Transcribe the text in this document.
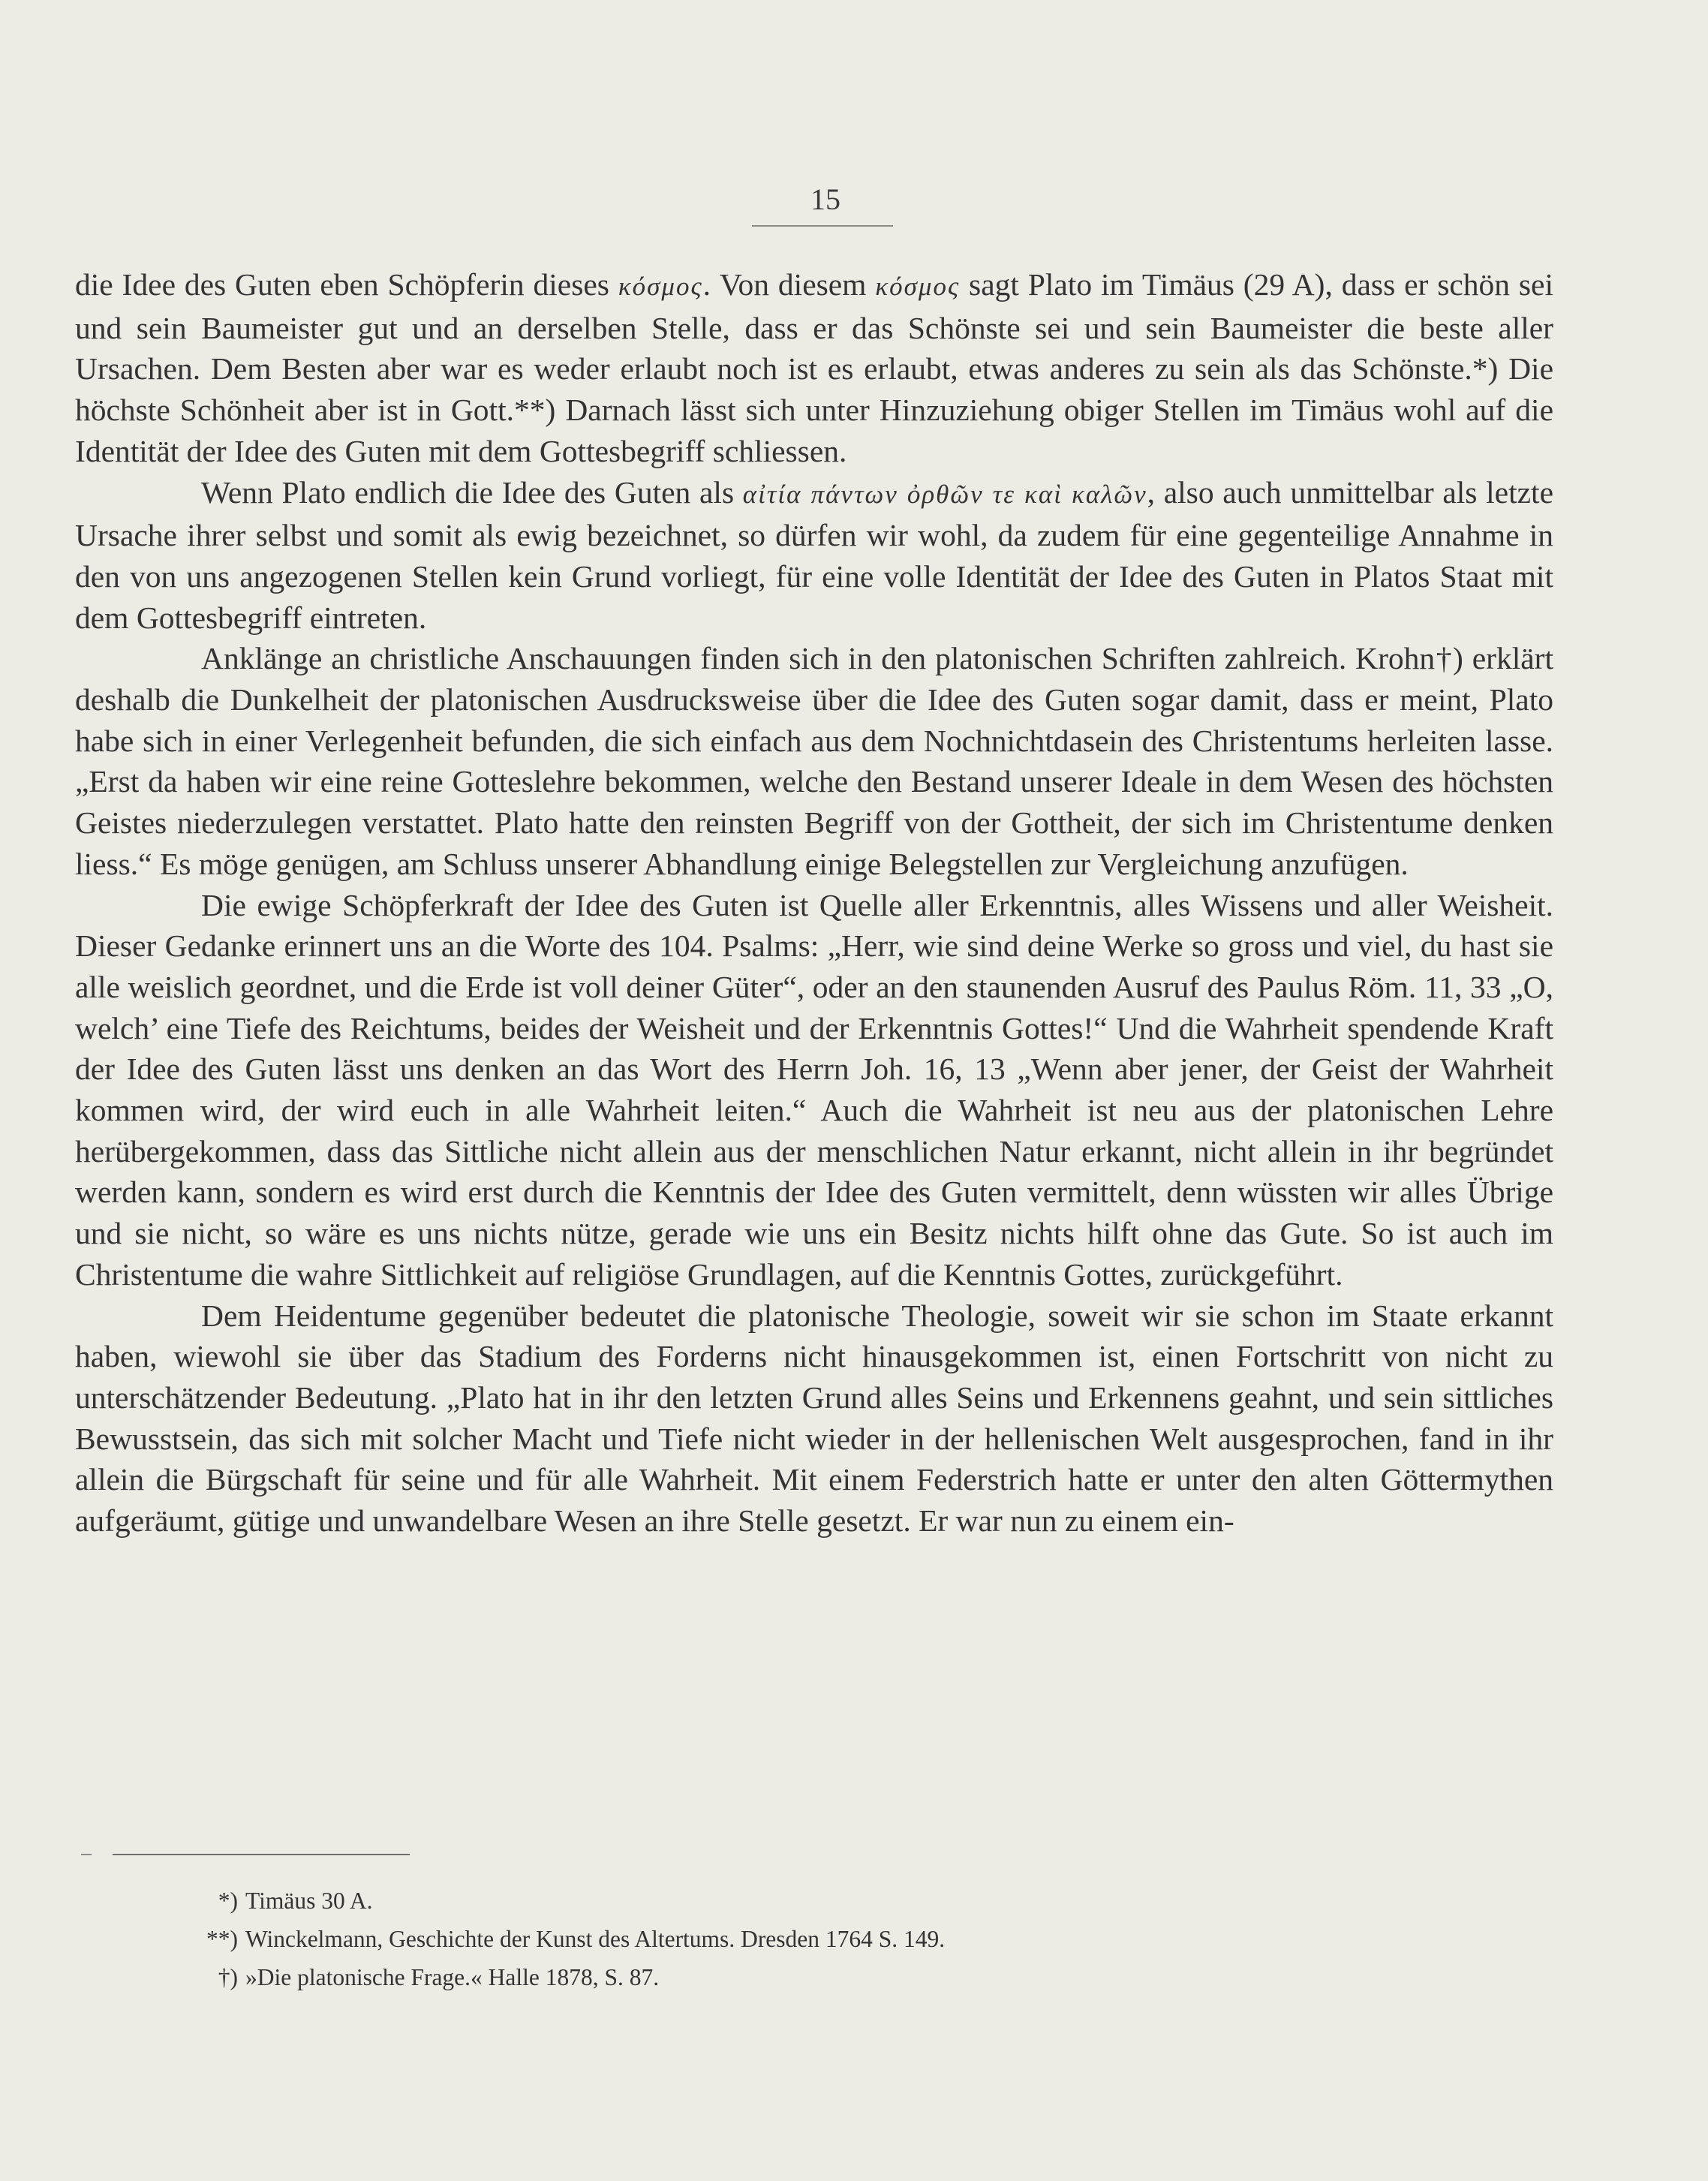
15

die Idee des Guten eben Schöpferin dieses κόσμος. Von diesem κόσμος sagt Plato im Timäus (29 A), dass er schön sei und sein Baumeister gut und an derselben Stelle, dass er das Schönste sei und sein Baumeister die beste aller Ursachen. Dem Besten aber war es weder erlaubt noch ist es erlaubt, etwas anderes zu sein als das Schönste.*) Die höchste Schönheit aber ist in Gott.**) Darnach lässt sich unter Hinzuziehung obiger Stellen im Timäus wohl auf die Identität der Idee des Guten mit dem Gottesbegriff schliessen.

Wenn Plato endlich die Idee des Guten als αἰτία πάντων ὀρθῶν τε καὶ καλῶν, also auch unmittelbar als letzte Ursache ihrer selbst und somit als ewig bezeichnet, so dürfen wir wohl, da zudem für eine gegenteilige Annahme in den von uns angezogenen Stellen kein Grund vorliegt, für eine volle Identität der Idee des Guten in Platos Staat mit dem Gottesbegriff eintreten.

Anklänge an christliche Anschauungen finden sich in den platonischen Schriften zahlreich. Krohn†) erklärt deshalb die Dunkelheit der platonischen Ausdrucksweise über die Idee des Guten sogar damit, dass er meint, Plato habe sich in einer Verlegenheit befunden, die sich einfach aus dem Nochnichtdasein des Christentums herleiten lasse. „Erst da haben wir eine reine Gotteslehre bekommen, welche den Bestand unserer Ideale in dem Wesen des höchsten Geistes niederzulegen verstattet. Plato hatte den reinsten Begriff von der Gottheit, der sich im Christentume denken liess.“ Es möge genügen, am Schluss unserer Abhandlung einige Belegstellen zur Vergleichung anzufügen.

Die ewige Schöpferkraft der Idee des Guten ist Quelle aller Erkenntnis, alles Wissens und aller Weisheit. Dieser Gedanke erinnert uns an die Worte des 104. Psalms: „Herr, wie sind deine Werke so gross und viel, du hast sie alle weislich geordnet, und die Erde ist voll deiner Güter“, oder an den staunenden Ausruf des Paulus Röm. 11, 33 „O, welch’ eine Tiefe des Reichtums, beides der Weisheit und der Erkenntnis Gottes!“ Und die Wahrheit spendende Kraft der Idee des Guten lässt uns denken an das Wort des Herrn Joh. 16, 13 „Wenn aber jener, der Geist der Wahrheit kommen wird, der wird euch in alle Wahrheit leiten.“ Auch die Wahrheit ist neu aus der platonischen Lehre herübergekommen, dass das Sittliche nicht allein aus der menschlichen Natur erkannt, nicht allein in ihr begründet werden kann, sondern es wird erst durch die Kenntnis der Idee des Guten vermittelt, denn wüssten wir alles Übrige und sie nicht, so wäre es uns nichts nütze, gerade wie uns ein Besitz nichts hilft ohne das Gute. So ist auch im Christentume die wahre Sittlichkeit auf religiöse Grundlagen, auf die Kenntnis Gottes, zurückgeführt.

Dem Heidentume gegenüber bedeutet die platonische Theologie, soweit wir sie schon im Staate erkannt haben, wiewohl sie über das Stadium des Forderns nicht hinausgekommen ist, einen Fortschritt von nicht zu unterschätzender Bedeutung. „Plato hat in ihr den letzten Grund alles Seins und Erkennens geahnt, und sein sittliches Bewusstsein, das sich mit solcher Macht und Tiefe nicht wieder in der hellenischen Welt ausgesprochen, fand in ihr allein die Bürgschaft für seine und für alle Wahrheit. Mit einem Federstrich hatte er unter den alten Göttermythen aufgeräumt, gütige und unwandelbare Wesen an ihre Stelle gesetzt. Er war nun zu einem ein-

*) Timäus 30 A.
**) Winckelmann, Geschichte der Kunst des Altertums. Dresden 1764 S. 149.
†) »Die platonische Frage.« Halle 1878, S. 87.
